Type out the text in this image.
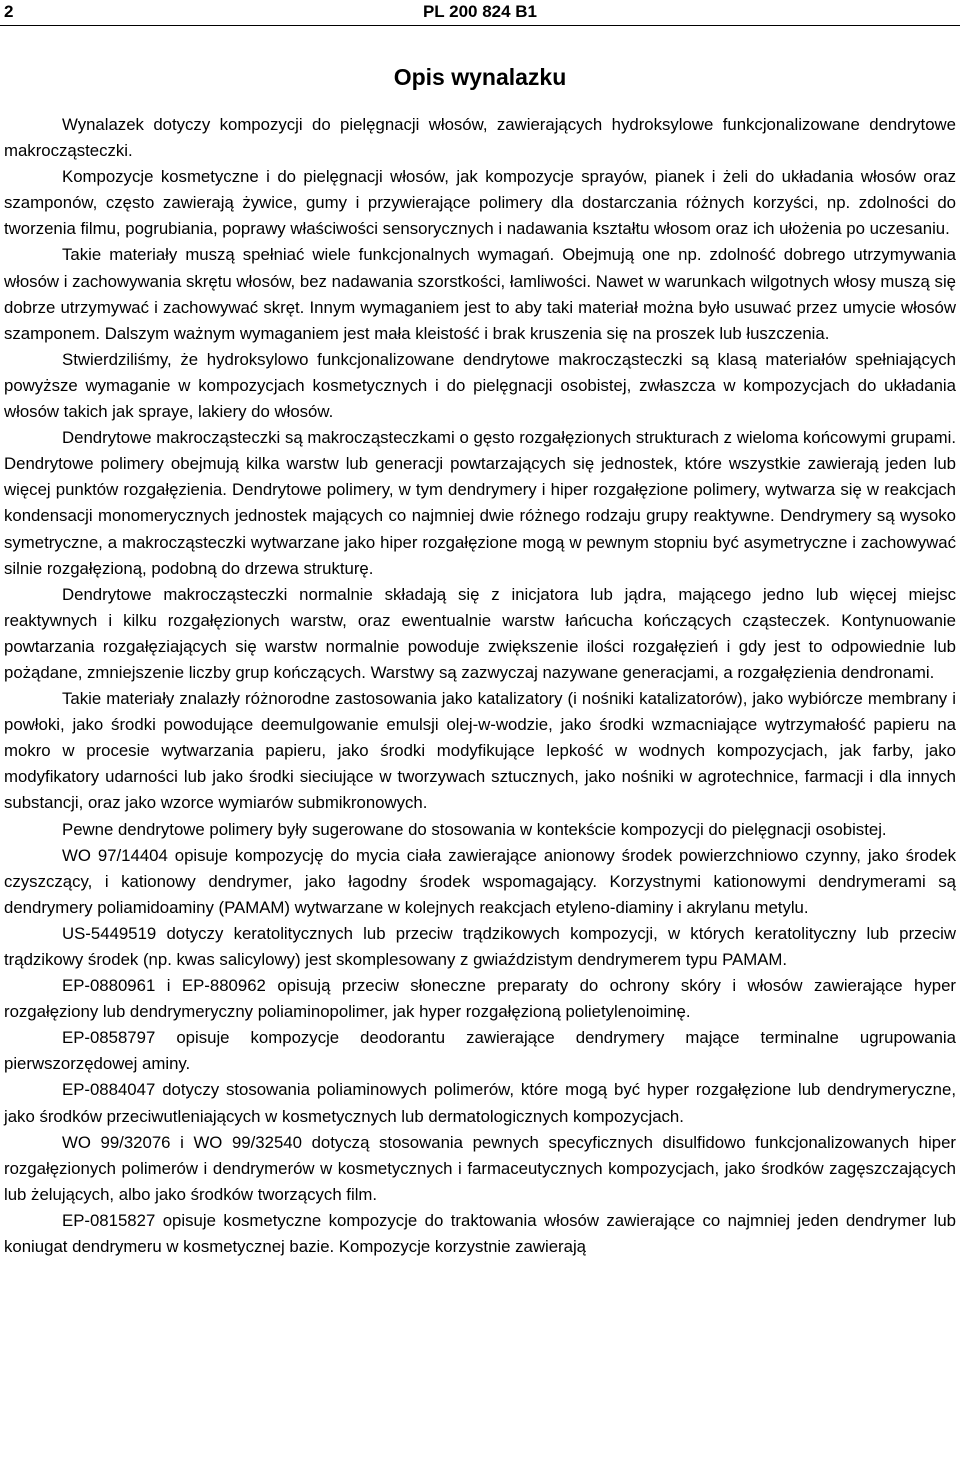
2	PL 200 824 B1
Opis wynalazku

Wynalazek dotyczy kompozycji do pielęgnacji włosów, zawierających hydroksylowe funkcjonalizowane dendrytowe makrocząsteczki.

Kompozycje kosmetyczne i do pielęgnacji włosów, jak kompozycje sprayów, pianek i żeli do układania włosów oraz szamponów, często zawierają żywice, gumy i przywierające polimery dla dostarczania różnych korzyści, np. zdolności do tworzenia filmu, pogrubiania, poprawy właściwości sensorycznych i nadawania kształtu włosom oraz ich ułożenia po uczesaniu.

Takie materiały muszą spełniać wiele funkcjonalnych wymagań. Obejmują one np. zdolność dobrego utrzymywania włosów i zachowywania skrętu włosów, bez nadawania szorstkości, łamliwości. Nawet w warunkach wilgotnych włosy muszą się dobrze utrzymywać i zachowywać skręt. Innym wymaganiem jest to aby taki materiał można było usuwać przez umycie włosów szamponem. Dalszym ważnym wymaganiem jest mała kleistość i brak kruszenia się na proszek lub łuszczenia.

Stwierdziliśmy, że hydroksylowo funkcjonalizowane dendrytowe makrocząsteczki są klasą materiałów spełniających powyższe wymaganie w kompozycjach kosmetycznych i do pielęgnacji osobistej, zwłaszcza w kompozycjach do układania włosów takich jak spraye, lakiery do włosów.

Dendrytowe makrocząsteczki są makrocząsteczkami o gęsto rozgałęzionych strukturach z wieloma końcowymi grupami. Dendrytowe polimery obejmują kilka warstw lub generacji powtarzających się jednostek, które wszystkie zawierają jeden lub więcej punktów rozgałęzienia. Dendrytowe polimery, w tym dendrymery i hiper rozgałęzione polimery, wytwarza się w reakcjach kondensacji monomerycznych jednostek mających co najmniej dwie różnego rodzaju grupy reaktywne. Dendrymery są wysoko symetryczne, a makrocząsteczki wytwarzane jako hiper rozgałęzione mogą w pewnym stopniu być asymetryczne i zachowywać silnie rozgałęzioną, podobną do drzewa strukturę.

Dendrytowe makrocząsteczki normalnie składają się z inicjatora lub jądra, mającego jedno lub więcej miejsc reaktywnych i kilku rozgałęzionych warstw, oraz ewentualnie warstw łańcucha kończących cząsteczek. Kontynuowanie powtarzania rozgałęziających się warstw normalnie powoduje zwiększenie ilości rozgałęzień i gdy jest to odpowiednie lub pożądane, zmniejszenie liczby grup kończących. Warstwy są zazwyczaj nazywane generacjami, a rozgałęzienia dendronami.

Takie materiały znalazły różnorodne zastosowania jako katalizatory (i nośniki katalizatorów), jako wybiórcze membrany i powłoki, jako środki powodujące deemulgowanie emulsji olej-w-wodzie, jako środki wzmacniające wytrzymałość papieru na mokro w procesie wytwarzania papieru, jako środki modyfikujące lepkość w wodnych kompozycjach, jak farby, jako modyfikatory udarności lub jako środki sieciujące w tworzywach sztucznych, jako nośniki w agrotechnice, farmacji i dla innych substancji, oraz jako wzorce wymiarów submikronowych.

Pewne dendrytowe polimery były sugerowane do stosowania w kontekście kompozycji do pielęgnacji osobistej.

WO 97/14404 opisuje kompozycję do mycia ciała zawierające anionowy środek powierzchniowo czynny, jako środek czyszczący, i kationowy dendrymer, jako łagodny środek wspomagający. Korzystnymi kationowymi dendrymerami są dendrymery poliamidoaminy (PAMAM) wytwarzane w kolejnych reakcjach etyleno-diaminy i akrylanu metylu.

US-5449519 dotyczy keratolitycznych lub przeciw trądzikowych kompozycji, w których keratolityczny lub przeciw trądzikowy środek (np. kwas salicylowy) jest skomplesowany z gwiaździstym dendrymerem typu PAMAM.

EP-0880961 i EP-880962 opisują przeciw słoneczne preparaty do ochrony skóry i włosów zawierające hyper rozgałęziony lub dendrymeryczny poliaminopolimer, jak hyper rozgałęzioną polietylenoiminę.

EP-0858797 opisuje kompozycje deodorantu zawierające dendrymery mające terminalne ugrupowania pierwszorzędowej aminy.

EP-0884047 dotyczy stosowania poliaminowych polimerów, które mogą być hyper rozgałęzione lub dendrymeryczne, jako środków przeciwutleniających w kosmetycznych lub dermatologicznych kompozycjach.

WO 99/32076 i WO 99/32540 dotyczą stosowania pewnych specyficznych disulfidowo funkcjonalizowanych hiper rozgałęzionych polimerów i dendrymerów w kosmetycznych i farmaceutycznych kompozycjach, jako środków zagęszczających lub żelujących, albo jako środków tworzących film.

EP-0815827 opisuje kosmetyczne kompozycje do traktowania włosów zawierające co najmniej jeden dendrymer lub koniugat dendrymeru w kosmetycznej bazie. Kompozycje korzystnie zawierają
